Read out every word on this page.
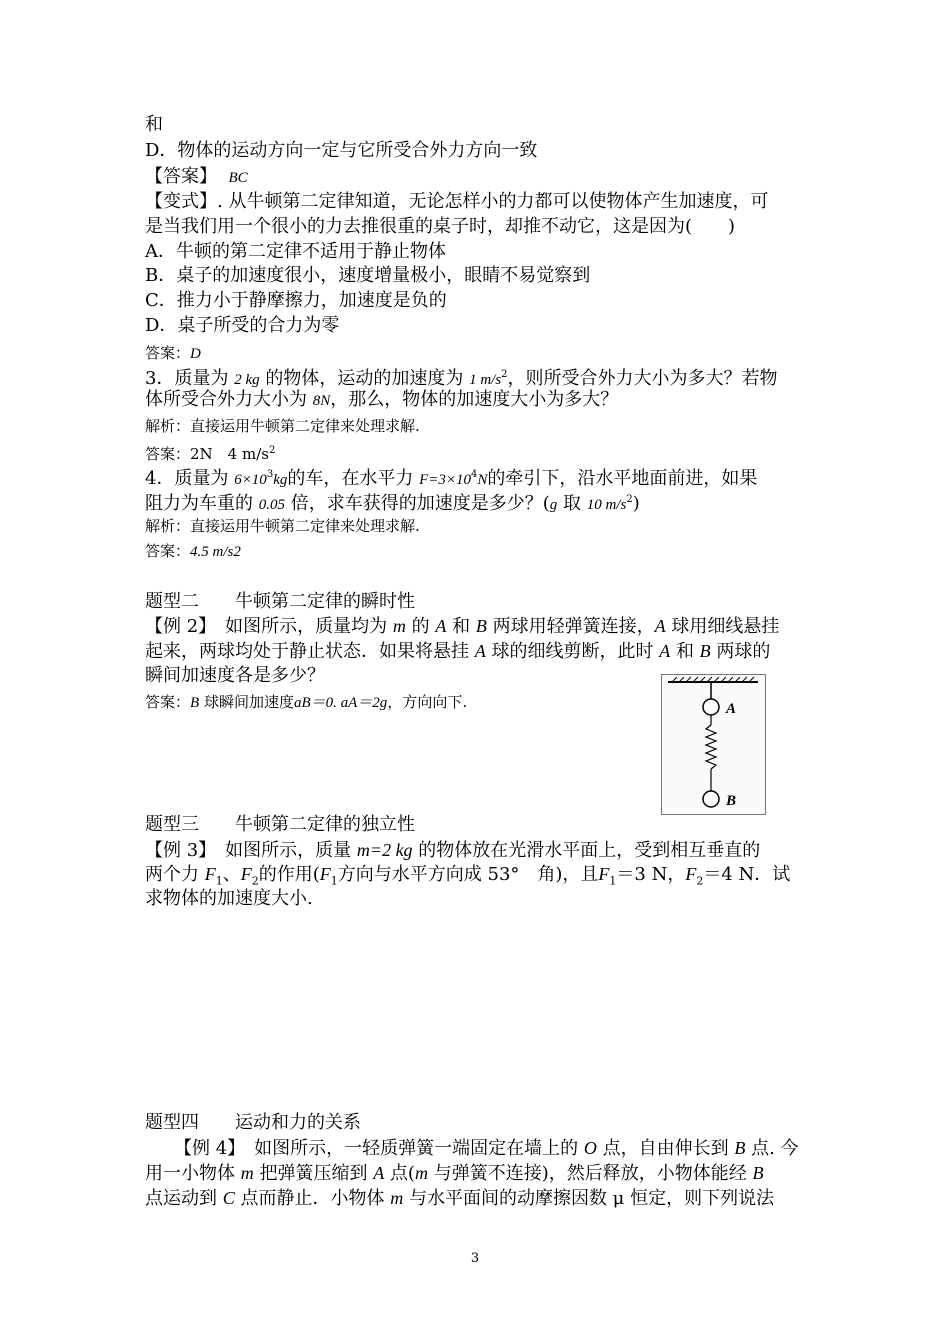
和
D．物体的运动方向一定与它所受合外力方向一致
【答案】 BC
【变式】. 从牛顿第二定律知道，无论怎样小的力都可以使物体产生加速度，可
是当我们用一个很小的力去推很重的桌子时，却推不动它，这是因为(　　)
A．牛顿的第二定律不适用于静止物体
B．桌子的加速度很小，速度增量极小，眼睛不易觉察到
C．推力小于静摩擦力，加速度是负的
D．桌子所受的合力为零
答案：D
3．质量为 2 kg 的物体，运动的加速度为 1 $m/s^2$，则所受合外力大小为多大？若物
体所受合外力大小为 8N，那么，物体的加速度大小为多大？
解析：直接运用牛顿第二定律来处理求解.
答案：2N　4 $m/s^2$
4．质量为 $6\times 10^3kg$的车，在水平力 $F=3\times 10^4N$的牵引下，沿水平地面前进，如果
阻力为车重的 0.05 倍，求车获得的加速度是多少？(g 取 10 $m/s^2$)
解析：直接运用牛顿第二定律来处理求解.
答案：4.5 m/s2
题型二 牛顿第二定律的瞬时性
【例 2】　如图所示，质量均为 m 的 A 和 B 两球用轻弹簧连接，A 球用细线悬挂
起来，两球均处于静止状态．如果将悬挂 A 球的细线剪断，此时 A 和 B 两球的
瞬间加速度各是多少？
答案：B 球瞬间加速度aB＝0. aA＝2g，方向向下.	A
B
题型三 牛顿第二定律的独立性
【例 3】　如图所示，质量 m=2 kg 的物体放在光滑水平面上，受到相互垂直的
两个力 $F_1$、$F_2$的作用($F_1$方向与水平方向成 53°　角)，且$F_1=3$ N，$F_2=4$ N．试
求物体的加速度大小.
题型四 运动和力的关系
【例 4】　如图所示，一轻质弹簧一端固定在墙上的 O 点，自由伸长到 B 点. 今
用一小物体 m 把弹簧压缩到 A 点(m 与弹簧不连接)，然后释放，小物体能经 B
点运动到 C 点而静止．小物体 m 与水平面间的动摩擦因数 μ 恒定，则下列说法
3
